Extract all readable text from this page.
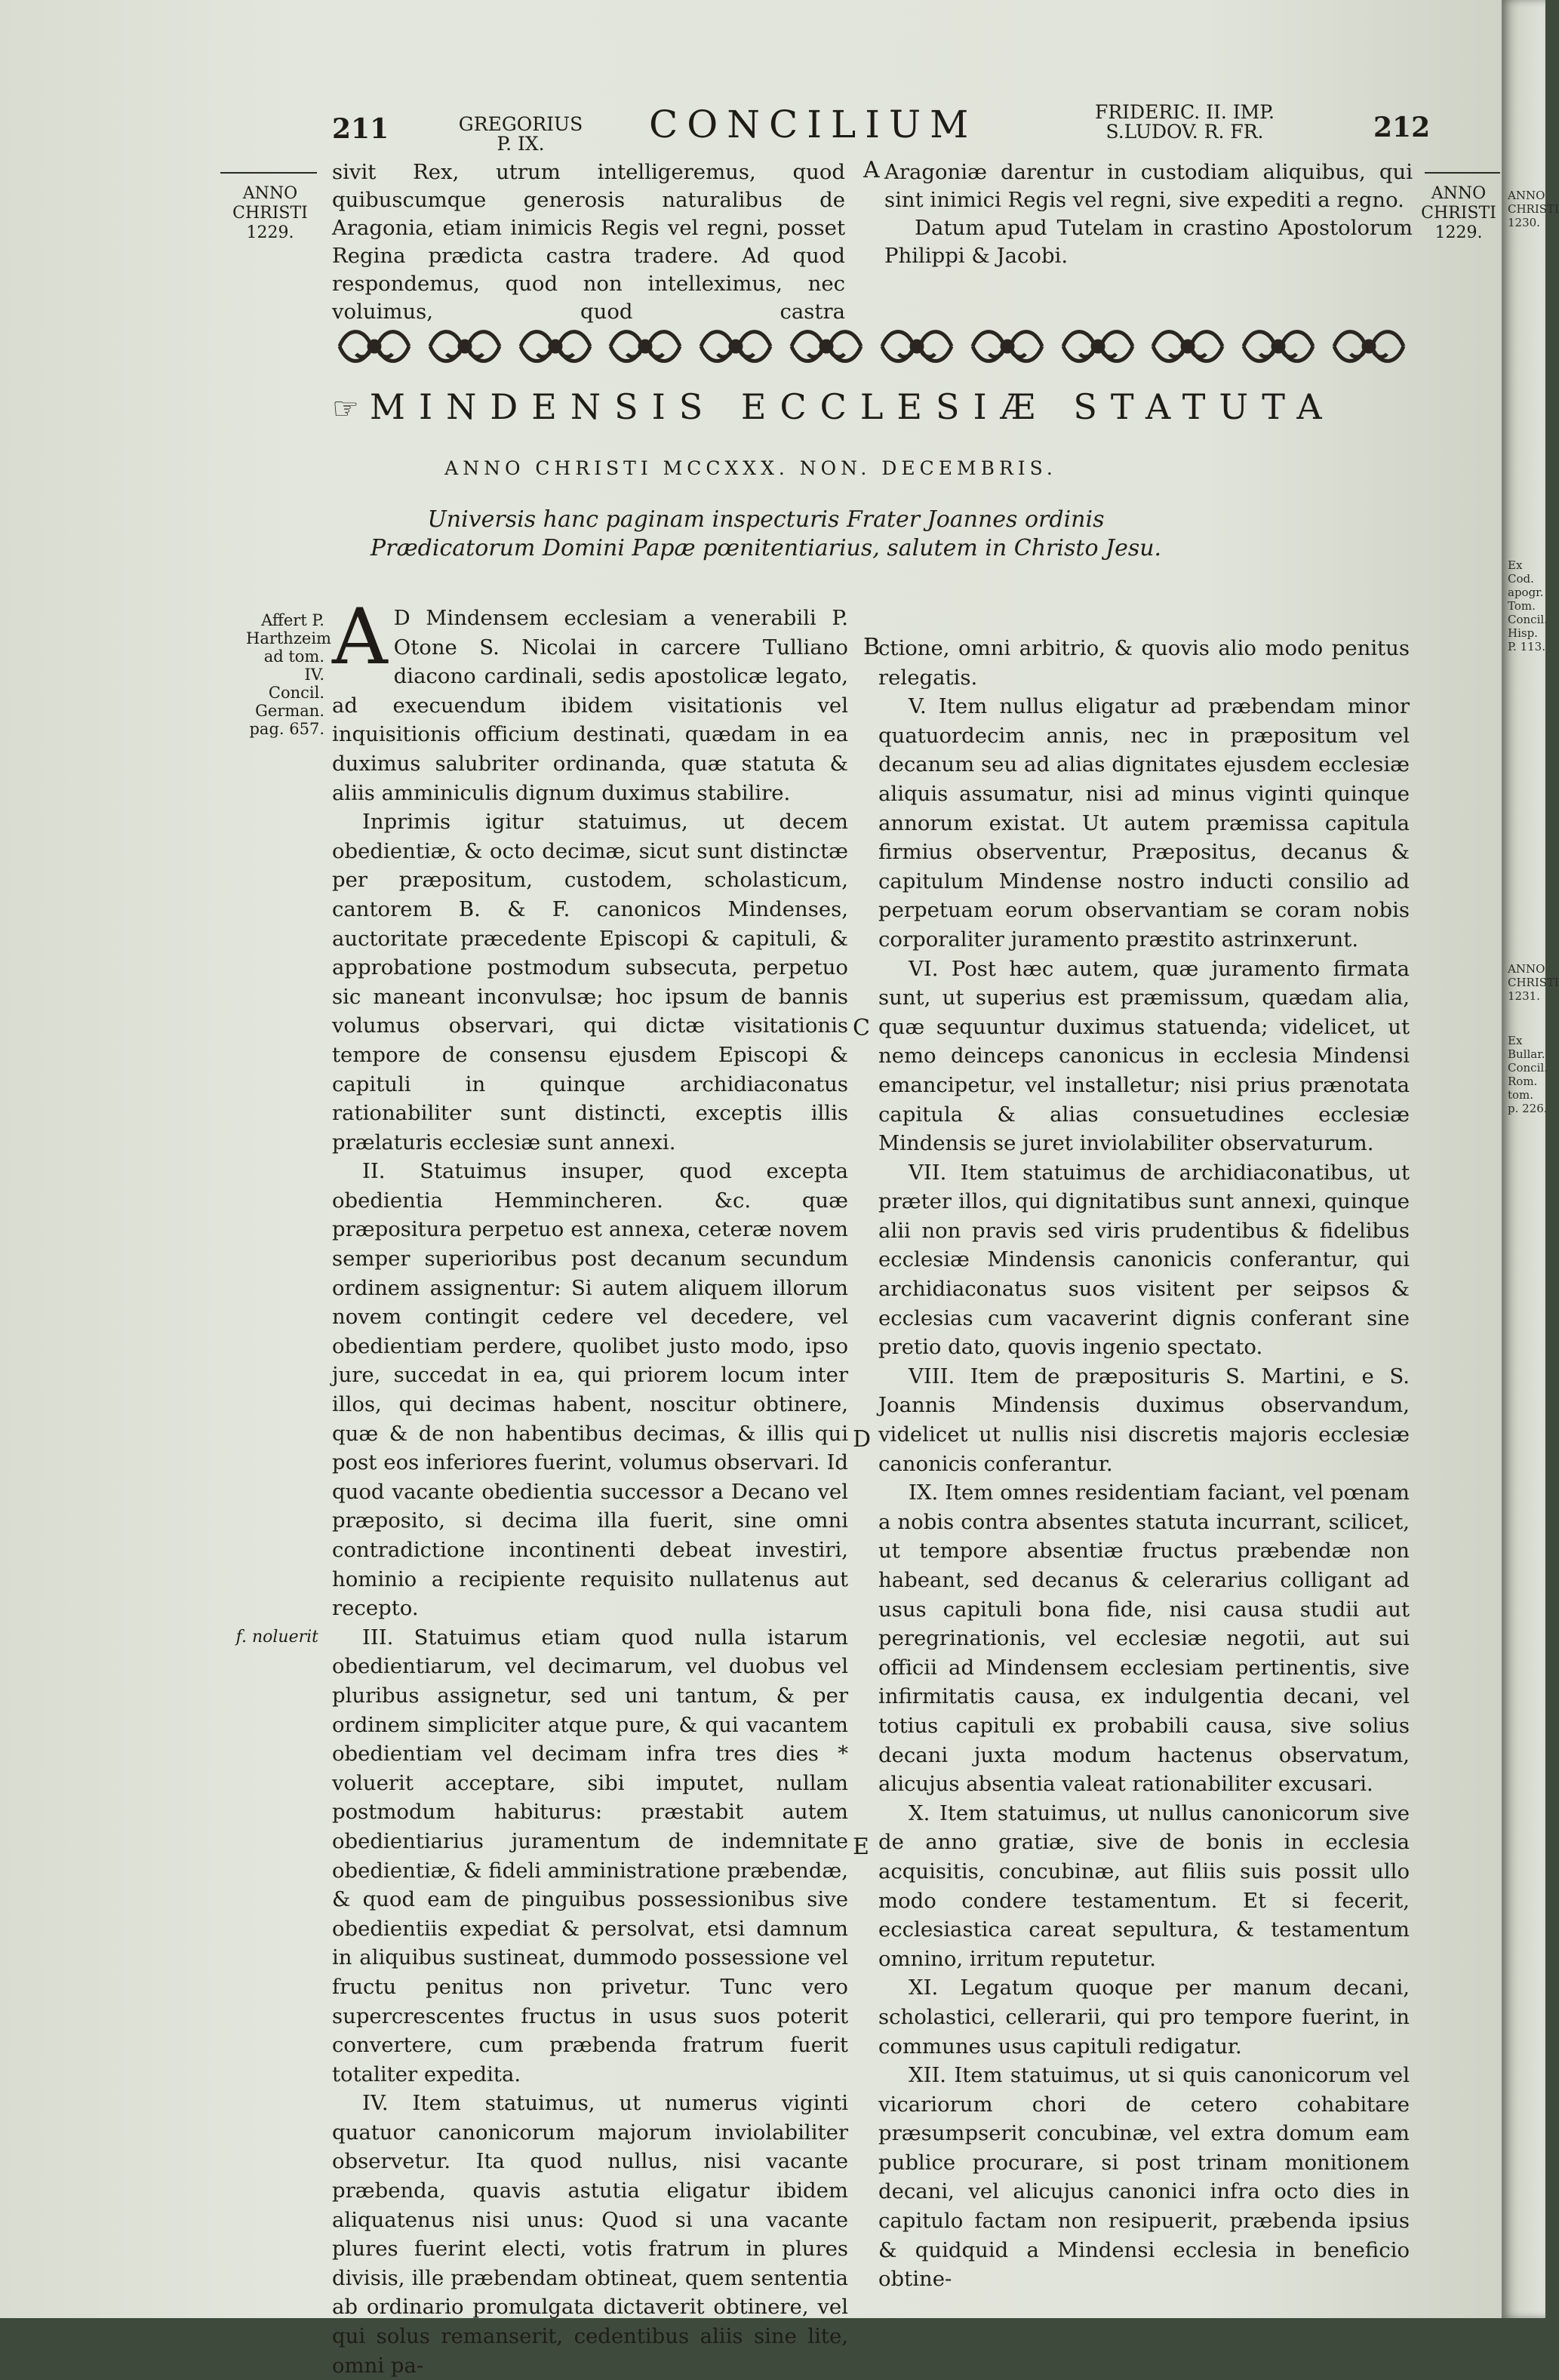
211	GREGORIUS P. IX.	CONCILIUM	FRIDERIC. II. IMP. S.LUDOV. R. FR.	212
ANNO CHRISTI 1229.
ANNO CHRISTI 1229.

sivit Rex, utrum intelligeremus, quod quibuscumque generosis naturalibus de Aragonia, etiam inimicis Regis vel regni, posset Regina prædicta castra tradere. Ad quod respondemus, quod non intelleximus, nec voluimus, quod castra

Aragoniæ darentur in custodiam aliquibus, qui sint inimici Regis vel regni, sive expediti a regno.

Datum apud Tutelam in crastino Apostolorum Philippi & Jacobi.

A
☞ MINDENSIS ECCLESIÆ STATUTA
ANNO CHRISTI MCCXXX. NON. DECEMBRIS.
Universis hanc paginam inspecturis Frater Joannes ordinis Prædicatorum Domini Papæ pœnitentiarius, salutem in Christo Jesu.
Affert P. Harthzeim ad tom. IV. Concil. German. pag. 657.
f. noluerit

A D Mindensem ecclesiam a venerabili P. Otone S. Nicolai in carcere Tulliano diacono cardinali, sedis apostolicæ legato, ad execuendum ibidem visitationis vel inquisitionis officium destinati, quædam in ea duximus salubriter ordinanda, quæ statuta & aliis amminiculis dignum duximus stabilire.

Inprimis igitur statuimus, ut decem obedientiæ, & octo decimæ, sicut sunt distinctæ per præpositum, custodem, scholasticum, cantorem B. & F. canonicos Mindenses, auctoritate præcedente Episcopi & capituli, & approbatione postmodum subsecuta, perpetuo sic maneant inconvulsæ; hoc ipsum de bannis volumus observari, qui dictæ visitationis tempore de consensu ejusdem Episcopi & capituli in quinque archidiaconatus rationabiliter sunt distincti, exceptis illis prælaturis ecclesiæ sunt annexi.

II. Statuimus insuper, quod excepta obedientia Hemmincheren. &c. quæ præpositura perpetuo est annexa, ceteræ novem semper superioribus post decanum secundum ordinem assignentur: Si autem aliquem illorum novem contingit cedere vel decedere, vel obedientiam perdere, quolibet justo modo, ipso jure, succedat in ea, qui priorem locum inter illos, qui decimas habent, noscitur obtinere, quæ & de non habentibus decimas, & illis qui post eos inferiores fuerint, volumus observari. Id quod vacante obedientia successor a Decano vel præposito, si decima illa fuerit, sine omni contradictione incontinenti debeat investiri, hominio a recipiente requisito nullatenus aut recepto.

III. Statuimus etiam quod nulla istarum obedientiarum, vel decimarum, vel duobus vel pluribus assignetur, sed uni tantum, & per ordinem simpliciter atque pure, & qui vacantem obedientiam vel decimam infra tres dies * voluerit acceptare, sibi imputet, nullam postmodum habiturus: præstabit autem obedientiarius juramentum de indemnitate obedientiæ, & fideli amministratione præbendæ, & quod eam de pinguibus possessionibus sive obedientiis expediat & persolvat, etsi damnum in aliquibus sustineat, dummodo possessione vel fructu penitus non privetur. Tunc vero supercrescentes fructus in usus suos poterit convertere, cum præbenda fratrum fuerit totaliter expedita.

IV. Item statuimus, ut numerus viginti quatuor canonicorum majorum inviolabiliter observetur. Ita quod nullus, nisi vacante præbenda, quavis astutia eligatur ibidem aliquatenus nisi unus: Quod si una vacante plures fuerint electi, votis fratrum in plures divisis, ille præbendam obtineat, quem sententia ab ordinario promulgata dictaverit obtinere, vel qui solus remanserit, cedentibus aliis sine lite, omni pa-

B
C
D
E

ctione, omni arbitrio, & quovis alio modo penitus relegatis.

V. Item nullus eligatur ad præbendam minor quatuordecim annis, nec in præpositum vel decanum seu ad alias dignitates ejusdem ecclesiæ aliquis assumatur, nisi ad minus viginti quinque annorum existat. Ut autem præmissa capitula firmius observentur, Præpositus, decanus & capitulum Mindense nostro inducti consilio ad perpetuam eorum observantiam se coram nobis corporaliter juramento præstito astrinxerunt.

VI. Post hæc autem, quæ juramento firmata sunt, ut superius est præmissum, quædam alia, quæ sequuntur duximus statuenda; videlicet, ut nemo deinceps canonicus in ecclesia Mindensi emancipetur, vel installetur; nisi prius prænotata capitula & alias consuetudines ecclesiæ Mindensis se juret inviolabiliter observaturum.

VII. Item statuimus de archidiaconatibus, ut præter illos, qui dignitatibus sunt annexi, quinque alii non pravis sed viris prudentibus & fidelibus ecclesiæ Mindensis canonicis conferantur, qui archidiaconatus suos visitent per seipsos & ecclesias cum vacaverint dignis conferant sine pretio dato, quovis ingenio spectato.

VIII. Item de præposituris S. Martini, e S. Joannis Mindensis duximus observandum, videlicet ut nullis nisi discretis majoris ecclesiæ canonicis conferantur.

IX. Item omnes residentiam faciant, vel pœnam a nobis contra absentes statuta incurrant, scilicet, ut tempore absentiæ fructus præbendæ non habeant, sed decanus & celerarius colligant ad usus capituli bona fide, nisi causa studii aut peregrinationis, vel ecclesiæ negotii, aut sui officii ad Mindensem ecclesiam pertinentis, sive infirmitatis causa, ex indulgentia decani, vel totius capituli ex probabili causa, sive solius decani juxta modum hactenus observatum, alicujus absentia valeat rationabiliter excusari.

X. Item statuimus, ut nullus canonicorum sive de anno gratiæ, sive de bonis in ecclesia acquisitis, concubinæ, aut filiis suis possit ullo modo condere testamentum. Et si fecerit, ecclesiastica careat sepultura, & testamentum omnino, irritum reputetur.

XI. Legatum quoque per manum decani, scholastici, cellerarii, qui pro tempore fuerint, in communes usus capituli redigatur.

XII. Item statuimus, ut si quis canonicorum vel vicariorum chori de cetero cohabitare præsumpserit concubinæ, vel extra domum eam publice procurare, si post trinam monitionem decani, vel alicujus canonici infra octo dies in capitulo factam non resipuerit, præbenda ipsius & quidquid a Mindensi ecclesia in beneficio obtine-

ANNO CHRISTI 1230.
Ex Cod. apogr. Tom. Concil. Hisp. P. 113.
ANNO CHRISTI 1231.
Ex Bullar. Concil. Rom. tom. p. 226.
